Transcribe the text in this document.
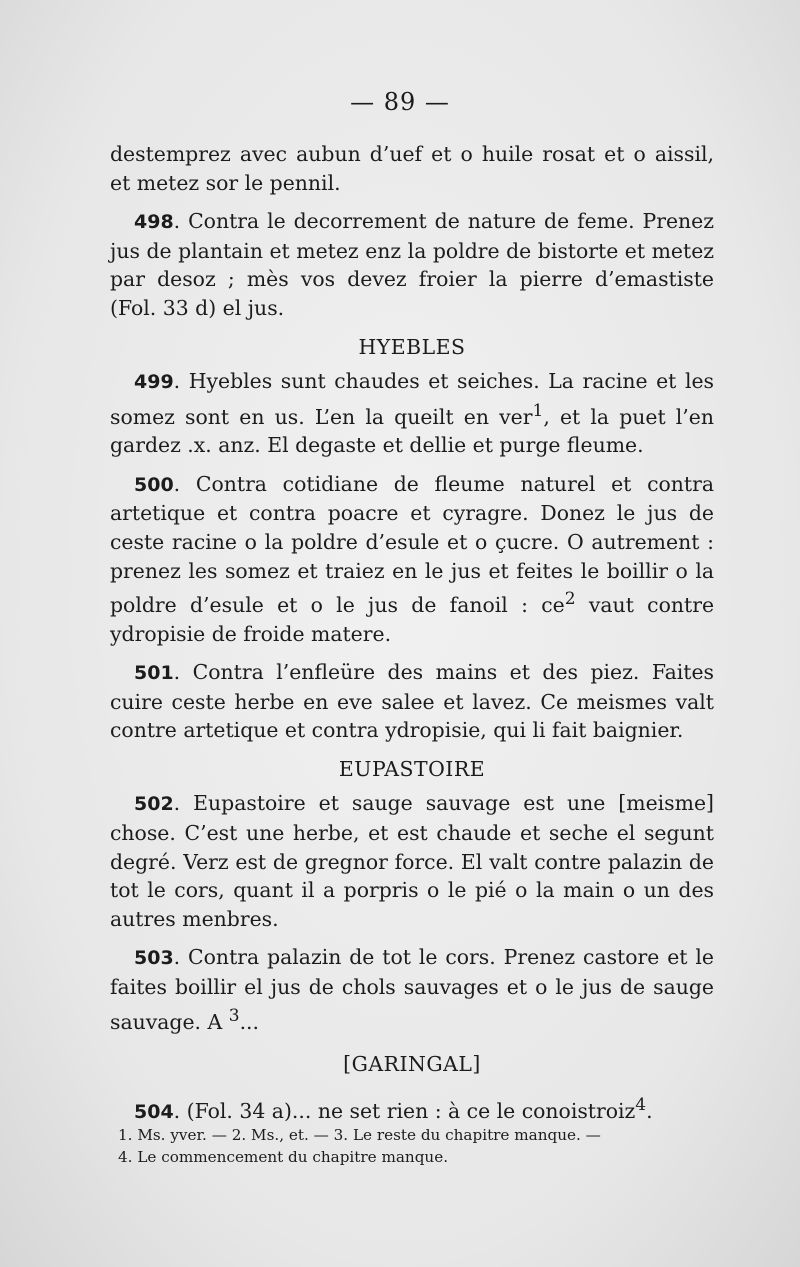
— 89 —

destemprez avec aubun d’uef et o huile rosat et o aissil, et metez sor le pennil.

498. Contra le decorrement de nature de feme. Prenez jus de plantain et metez enz la poldre de bistorte et metez par desoz ; mès vos devez froier la pierre d’emastiste (Fol. 33 d) el jus.

HYEBLES

499. Hyebles sunt chaudes et seiches. La racine et les somez sont en us. L’en la queilt en ver$^1$, et la puet l’en gardez .x. anz. El degaste et dellie et purge fleume.

500. Contra cotidiane de fleume naturel et contra artetique et contra poacre et cyragre. Donez le jus de ceste racine o la poldre d’esule et o çucre. O autrement : prenez les somez et traiez en le jus et feites le boillir o la poldre d’esule et o le jus de fanoil : $ce^2$ vaut contre ydropisie de froide matere.

501. Contra l’enfleüre des mains et des piez. Faites cuire ceste herbe en eve salee et lavez. Ce meismes valt contre artetique et contra ydropisie, qui li fait baignier.

EUPASTOIRE

502. Eupastoire et sauge sauvage est une [meisme] chose. C’est une herbe, et est chaude et seche el segunt degré. Verz est de gregnor force. El valt contre palazin de tot le cors, quant il a porpris o le pié o la main o un des autres menbres.

503. Contra palazin de tot le cors. Prenez castore et le faites boillir el jus de chols sauvages et o le jus de sauge sauvage. A $^3$...

[GARINGAL]

504. (Fol. 34 a)... ne set rien : à ce le conoistroiz$^4$.

1. Ms. yver. — 2. Ms., et. — 3. Le reste du chapitre manque. —

4. Le commencement du chapitre manque.
